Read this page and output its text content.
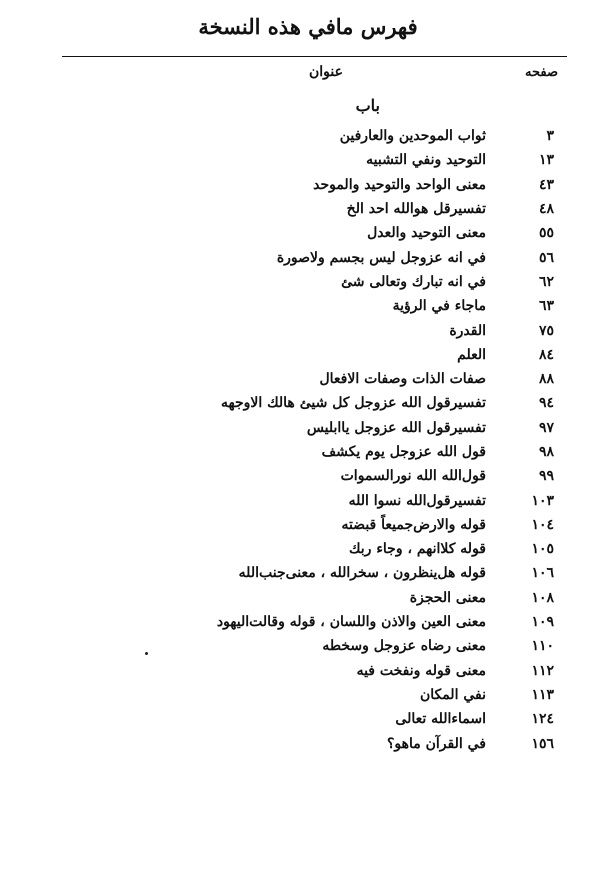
فهرس مافي هذه النسخة
صفحه
عنوان
باب
٣
ثواب الموحدين والعارفين
١٣
التوحيد ونفي التشبيه
٤٣
معنى الواحد والتوحيد والموحد
٤٨
تفسيرقل هوالله احد الخ
٥٥
معنى التوحيد والعدل
٥٦
في انه عزوجل ليس بجسم ولاصورة
٦٢
في انه تبارك وتعالى شئ
٦٣
ماجاء في الرؤية
٧٥
القدرة
٨٤
العلم
٨٨
صفات الذات وصفات الافعال
٩٤
تفسيرقول الله عزوجل كل شيئ هالك الاوجهه
٩٧
تفسيرقول الله عزوجل ياابليس
٩٨
قول الله عزوجل يوم يكشف
٩٩
قول‌الله الله نورالسموات
١٠٣
تفسيرقول‌الله نسوا الله
١٠٤
قوله والارض‌جميعاً قبضته
١٠٥
قوله كلاانهم ، وجاء ربك
١٠٦
قوله هل‌ينظرون ، سخرالله ، معنى‌جنب‌الله
١٠٨
معنى الحجزة
١٠٩
معنى العين والاذن واللسان ، قوله وقالت‌اليهود
١١٠
معنى رضاه عزوجل وسخطه
١١٢
معنى قوله ونفخت فيه
١١٣
نفي المكان
١٢٤
اسماء‌الله تعالى
١٥٦
في القرآن ماهو؟
